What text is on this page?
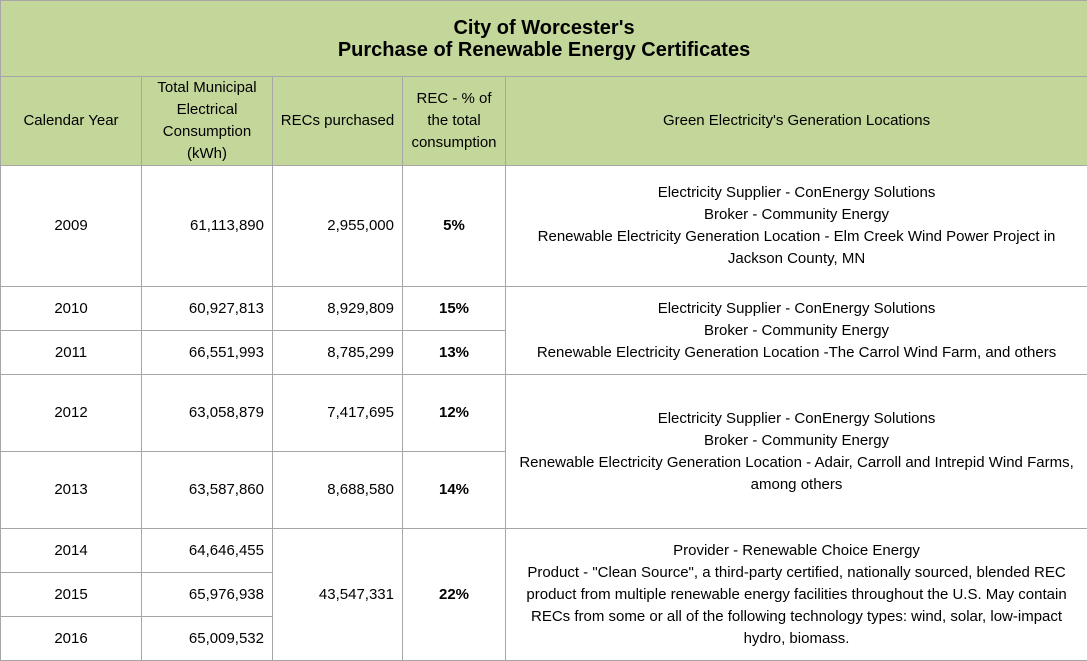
City of Worcester's
Purchase of Renewable Energy Certificates				

Calendar Year	Total Municipal Electrical Consumption (kWh)	RECs purchased	REC - % of the total consumption	Green Electricity's Generation Locations
2009	61,113,890	2,955,000	5%	Electricity Supplier - ConEnergy Solutions
Broker - Community Energy
Renewable Electricity Generation Location - Elm Creek Wind Power Project in Jackson County, MN

2010	60,927,813	8,929,809	15%	Electricity Supplier - ConEnergy Solutions
Broker - Community Energy
Renewable Electricity Generation Location -The Carrol Wind Farm, and others

2011	66,551,993	8,785,299	13%	
2012	63,058,879	7,417,695	12%	Electricity Supplier - ConEnergy Solutions
Broker - Community Energy
Renewable Electricity Generation Location - Adair, Carroll and Intrepid Wind Farms, among others

2013	63,587,860	8,688,580	14%	
2014	64,646,455	43,547,331	22%	Provider - Renewable Choice Energy
Product - "Clean Source", a third-party certified, nationally sourced, blended REC product from multiple renewable energy facilities throughout the U.S. May contain RECs from some or all of the following technology types: wind, solar, low-impact hydro, biomass.

2015	65,976,938			
2016	65,009,532			
